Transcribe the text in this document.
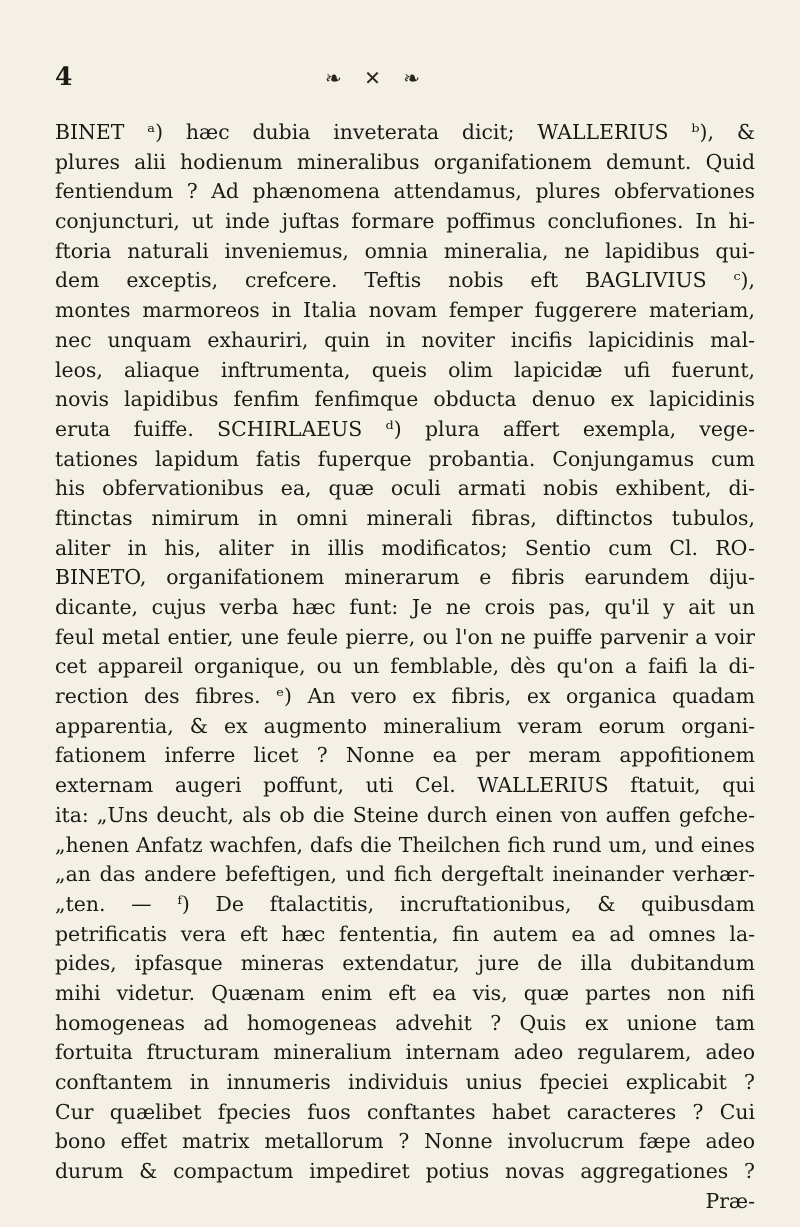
4	❧ ✕ ❧
BINET ᵃ) hæc dubia inveterata dicit; WALLERIUS ᵇ), &
plures alii hodienum mineralibus organifationem demunt. Quid
fentiendum ? Ad phænomena attendamus, plures obfervationes
conjuncturi, ut inde juftas formare poffimus conclufiones. In hi-
ftoria naturali inveniemus, omnia mineralia, ne lapidibus qui-
dem exceptis, crefcere. Teftis nobis eft BAGLIVIUS ᶜ),
montes marmoreos in Italia novam femper fuggerere materiam,
nec unquam exhauriri, quin in noviter incifis lapicidinis mal-
leos, aliaque inftrumenta, queis olim lapicidæ ufi fuerunt,
novis lapidibus fenfim fenfimque obducta denuo ex lapicidinis
eruta fuiffe. SCHIRLAEUS ᵈ) plura affert exempla, vege-
tationes lapidum fatis fuperque probantia. Conjungamus cum
his obfervationibus ea, quæ oculi armati nobis exhibent, di-
ftinctas nimirum in omni minerali fibras, diftinctos tubulos,
aliter in his, aliter in illis modificatos; Sentio cum Cl. RO-
BINETO, organifationem minerarum e fibris earundem diju-
dicante, cujus verba hæc funt: Je ne crois pas, qu'il y ait un
feul metal entier, une feule pierre, ou l'on ne puiffe parvenir a voir
cet appareil organique, ou un femblable, dès qu'on a faifi la di-
rection des fibres. ᵉ) An vero ex fibris, ex organica quadam
apparentia, & ex augmento mineralium veram eorum organi-
fationem inferre licet ? Nonne ea per meram appofitionem
externam augeri poffunt, uti Cel. WALLERIUS ftatuit, qui
ita: „Uns deucht, als ob die Steine durch einen von auffen gefche-
„henen Anfatz wachfen, dafs die Theilchen fich rund um, und eines
„an das andere befeftigen, und fich dergeftalt ineinander verhær-
„ten. — ᶠ) De ftalactitis, incruftationibus, & quibusdam
petrificatis vera eft hæc fententia, fin autem ea ad omnes la-
pides, ipfasque mineras extendatur, jure de illa dubitandum
mihi videtur. Quænam enim eft ea vis, quæ partes non nifi
homogeneas ad homogeneas advehit ? Quis ex unione tam
fortuita ftructuram mineralium internam adeo regularem, adeo
conftantem in innumeris individuis unius fpeciei explicabit ?
Cur quælibet fpecies fuos conftantes habet caracteres ? Cui
bono effet matrix metallorum ? Nonne involucrum fæpe adeo
durum & compactum impediret potius novas aggregationes ?
Præ-
